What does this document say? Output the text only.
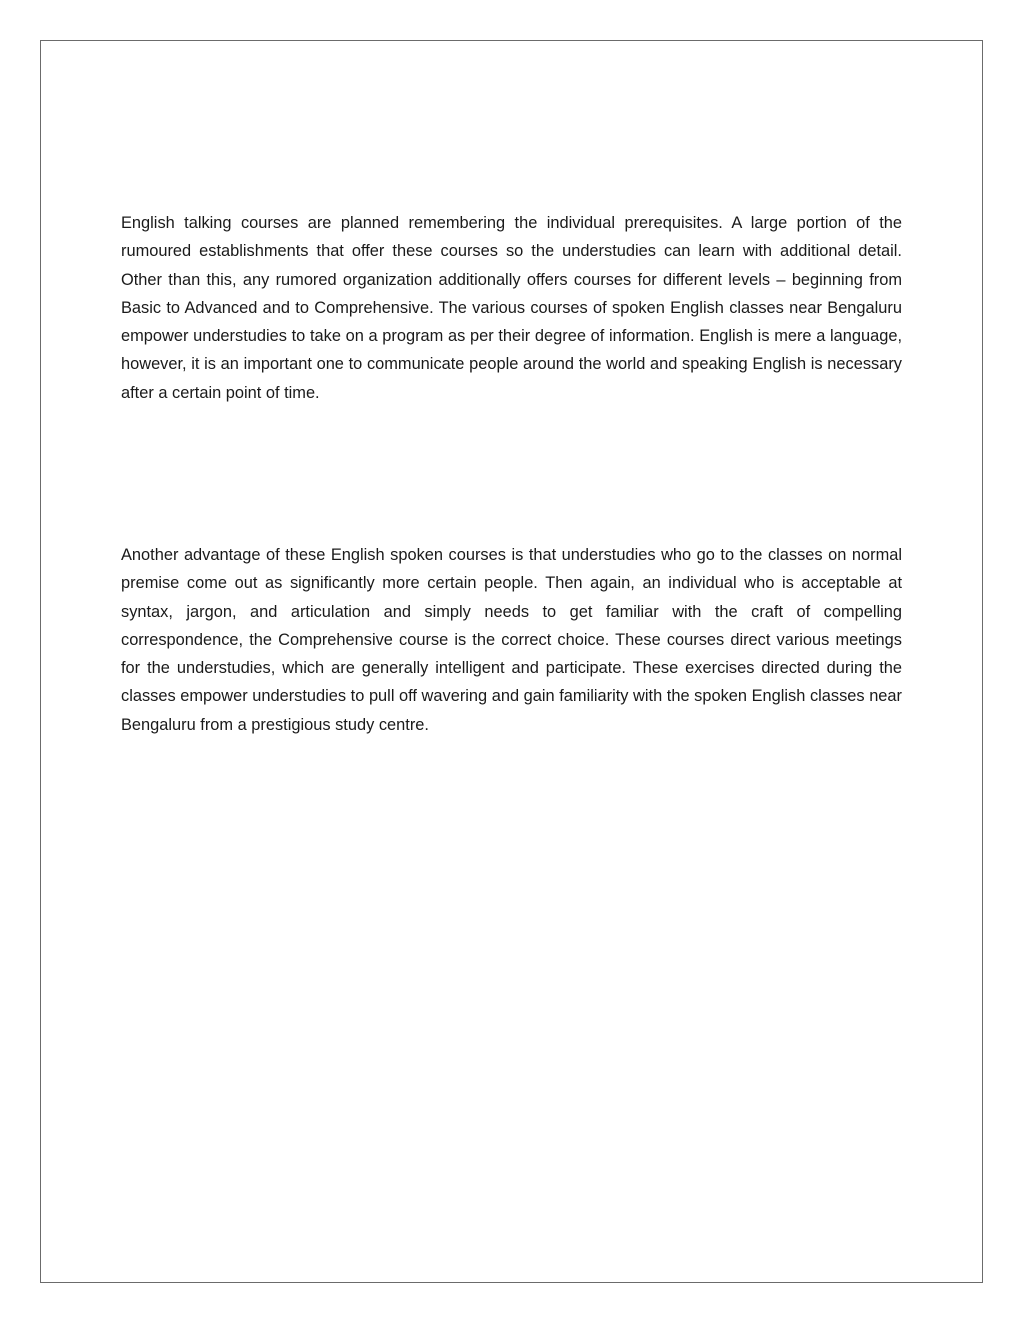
English talking courses are planned remembering the individual prerequisites. A large portion of the rumoured establishments that offer these courses so the understudies can learn with additional detail. Other than this, any rumored organization additionally offers courses for different levels – beginning from Basic to Advanced and to Comprehensive. The various courses of spoken English classes near Bengaluru empower understudies to take on a program as per their degree of information. English is mere a language, however, it is an important one to communicate people around the world and speaking English is necessary after a certain point of time.

Another advantage of these English spoken courses is that understudies who go to the classes on normal premise come out as significantly more certain people. Then again, an individual who is acceptable at syntax, jargon, and articulation and simply needs to get familiar with the craft of compelling correspondence, the Comprehensive course is the correct choice. These courses direct various meetings for the understudies, which are generally intelligent and participate. These exercises directed during the classes empower understudies to pull off wavering and gain familiarity with the spoken English classes near Bengaluru from a prestigious study centre.
